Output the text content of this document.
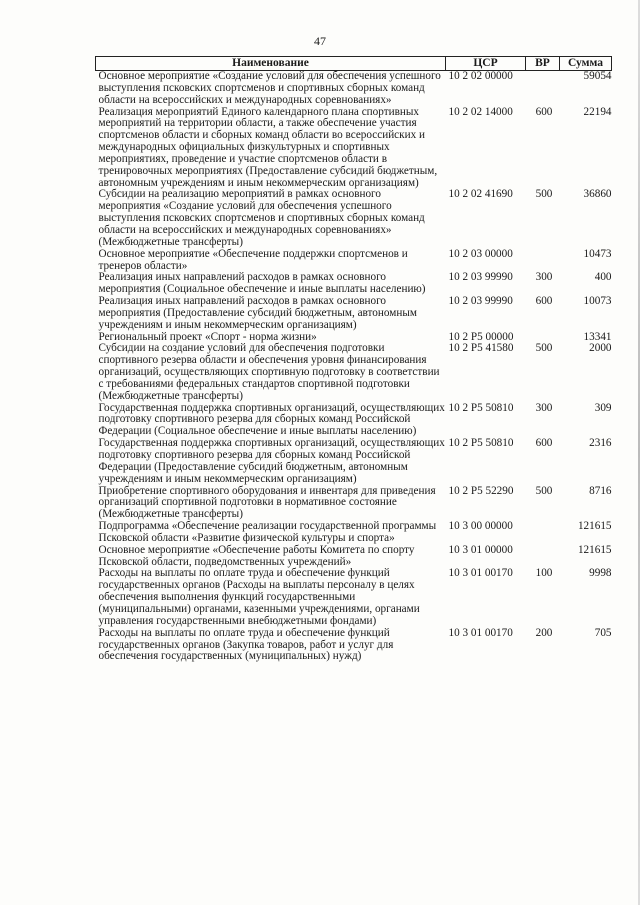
47
Наименование	ЦСР	ВР	Сумма
Основное мероприятие «Создание условий для обеспечения успешного выступления псковских спортсменов и спортивных сборных команд области на всероссийских и международных соревнованиях»	10 2 02 00000		59054
Реализация мероприятий Единого календарного плана спортивных мероприятий на территории области, а также обеспечение участия спортсменов области и сборных команд области во всероссийских и международных официальных физкультурных и спортивных мероприятиях, проведение и участие спортсменов области в тренировочных мероприятиях (Предоставление субсидий бюджетным, автономным учреждениям и иным некоммерческим организациям)	10 2 02 14000	600	22194
Субсидии на реализацию мероприятий в рамках основного мероприятия «Создание условий для обеспечения успешного выступления псковских спортсменов и спортивных сборных команд области на всероссийских и международных соревнованиях» (Межбюджетные трансферты)	10 2 02 41690	500	36860
Основное мероприятие «Обеспечение поддержки спортсменов и тренеров области»	10 2 03 00000		10473
Реализация иных направлений расходов в рамках основного мероприятия (Социальное обеспечение и иные выплаты населению)	10 2 03 99990	300	400
Реализация иных направлений расходов в рамках основного мероприятия (Предоставление субсидий бюджетным, автономным учреждениям и иным некоммерческим организациям)	10 2 03 99990	600	10073
Региональный проект «Спорт - норма жизни»	10 2 P5 00000		13341
Субсидии на создание условий для обеспечения подготовки спортивного резерва области и обеспечения уровня финансирования организаций, осуществляющих спортивную подготовку в соответствии с требованиями федеральных стандартов спортивной подготовки (Межбюджетные трансферты)	10 2 P5 41580	500	2000
Государственная поддержка спортивных организаций, осуществляющих подготовку спортивного резерва для сборных команд Российской Федерации (Социальное обеспечение и иные выплаты населению)	10 2 P5 50810	300	309
Государственная поддержка спортивных организаций, осуществляющих подготовку спортивного резерва для сборных команд Российской Федерации (Предоставление субсидий бюджетным, автономным учреждениям и иным некоммерческим организациям)	10 2 P5 50810	600	2316
Приобретение спортивного оборудования и инвентаря для приведения организаций спортивной подготовки в нормативное состояние (Межбюджетные трансферты)	10 2 P5 52290	500	8716
Подпрограмма «Обеспечение реализации государственной программы Псковской области «Развитие физической культуры и спорта»	10 3 00 00000		121615
Основное мероприятие «Обеспечение работы Комитета по спорту Псковской области, подведомственных учреждений»	10 3 01 00000		121615
Расходы на выплаты по оплате труда и обеспечение функций государственных органов (Расходы на выплаты персоналу в целях обеспечения выполнения функций государственными (муниципальными) органами, казенными учреждениями, органами управления государственными внебюджетными фондами)	10 3 01 00170	100	9998
Расходы на выплаты по оплате труда и обеспечение функций государственных органов (Закупка товаров, работ и услуг для обеспечения государственных (муниципальных) нужд)	10 3 01 00170	200	705
